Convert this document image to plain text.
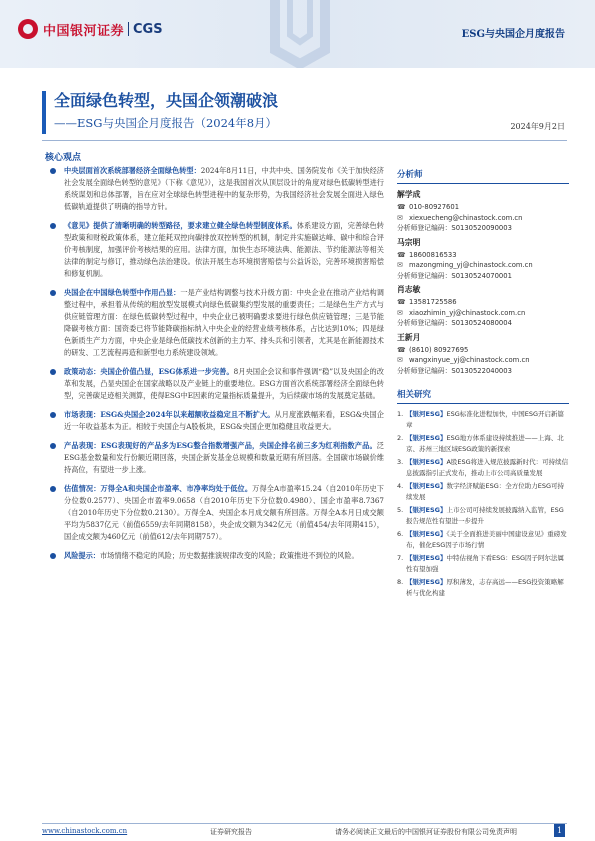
中国银河证券 CGS	ESG与央国企月度报告
全面绿色转型，央国企领潮破浪
——ESG与央国企月度报告（2024年8月）	2024年9月2日
核心观点
中央层面首次系统部署经济全面绿色转型：2024年8月11日，中共中央、国务院发布《关于加快经济社会发展全面绿色转型的意见》（下称《意见》），这是我国首次从顶层设计的角度对绿色低碳转型进行系统谋划和总体部署，旨在应对全球绿色转型进程中的复杂形势，为我国经济社会发展全面进入绿色低碳轨道提供了明确的指导方针。
《意见》提供了清晰明确的转型路径，要求建立健全绿色转型制度体系。体系建设方面，完善绿色转型政策和财税政策体系，建立能耗双控向碳排放双控转型的机制，制定并实施碳达峰、碳中和综合评价考核制度，加强评价考核结果的应用。法律方面，加快生态环境法典、能源法、节约能源法等相关法律的制定与修订，推动绿色法治建设。依法开展生态环境损害赔偿与公益诉讼，完善环境损害赔偿和修复机制。
央国企在中国绿色转型中作用凸显：一是产业结构调整与技术升级方面：中央企业在推动产业结构调整过程中，承担着从传统的粗放型发展模式向绿色低碳集约型发展的重要责任；二是绿色生产方式与供应链管理方面：在绿色低碳转型过程中，中央企业已被明确要求要进行绿色供应链管理；三是节能降碳考核方面：国资委已将节能降碳指标纳入中央企业的经营业绩考核体系，占比达到10%；四是绿色新质生产力方面，中央企业是绿色低碳技术创新的主力军、排头兵和引领者，尤其是在新能源技术的研发、工艺流程再造和新型电力系统建设领域。
政策动态：央国企价值凸显，ESG体系进一步完善。8月央国企会议和事件强调“稳”以及央国企的改革和发展，凸显央国企在国家战略以及产业链上的重要地位。ESG方面首次系统部署经济全面绿色转型，完善碳足迹相关测算，使得ESG中E因素的定量指标质量提升，为后续碳市场的发展奠定基础。
市场表现：ESG&央国企2024年以来超额收益稳定且不断扩大。从月度涨跌幅来看，ESG&央国企近一年收益基本为正。相较于央国企与A股板块，ESG&央国企更加稳健且收益更大。
产品表现：ESG表现好的产品多为ESG整合指数增强产品，央国企排名前三多为红利指数产品。泛ESG基金数量和发行份额近期回落，央国企新发基金总规模和数量近期有所回落。全国碳市场碳价维持高位，有望进一步上涨。
估值情况：万得全A和央国企市盈率、市净率均处于低位。万得全A市盈率15.24（自2010年历史下分位数0.2577）、央国企市盈率9.0658（自2010年历史下分位数0.4980）、国企市盈率8.7367（自2010年历史下分位数0.2130）。万得全A、央国企本月成交额有所回落。万得全A本月日成交额平均为5837亿元（前值6559/去年同期8158），央企成交额为342亿元（前值454/去年同期415），国企成交额为460亿元（前值612/去年同期757）。
风险提示：市场情绪不稳定的风险；历史数据推演规律改变的风险；政策推进不到位的风险。
分析师
解学成
☎ 010-80927601
✉ xiexuecheng@chinastock.com.cn
分析师登记编码：S0130520090003
马宗明
☎ 18600816533
✉ mazongming_yj@chinastock.com.cn
分析师登记编码：S0130524070001
肖志敏
☎ 13581725586
✉ xiaozhimin_yj@chinastock.com.cn
分析师登记编码：S0130524080004
王新月
☎ (8610) 80927695
✉ wangxinyue_yj@chinastock.com.cn
分析师登记编码：S0130522040003
相关研究
1. 【银河ESG】ESG标准化进程加快，中国ESG开启新篇章
2. 【银河ESG】ESG地方体系建设持续推进——上海、北京、苏州三地区域ESG政策的新探索
3. 【银河ESG】A股ESG将进入规范披露新时代：可持续信息披露指引正式发布，推动上市公司高质量发展
4. 【银河ESG】数字经济赋能ESG：全方位助力ESG可持续发展
5. 【银河ESG】上市公司可持续发展披露纳入监管，ESG报告规范性有望进一步提升
6. 【银河ESG】《关于全面推进美丽中国建设意见》重磅发布，催化ESG因子市场行情
7. 【银河ESG】中特估视角下看ESG：ESG因子阿尔法属性有望加强
8. 【银河ESG】厚积薄发，志存高远——ESG投资策略解析与优化构建
www.chinastock.com.cn	证券研究报告	请务必阅读正文最后的中国银河证券股份有限公司免责声明	1
